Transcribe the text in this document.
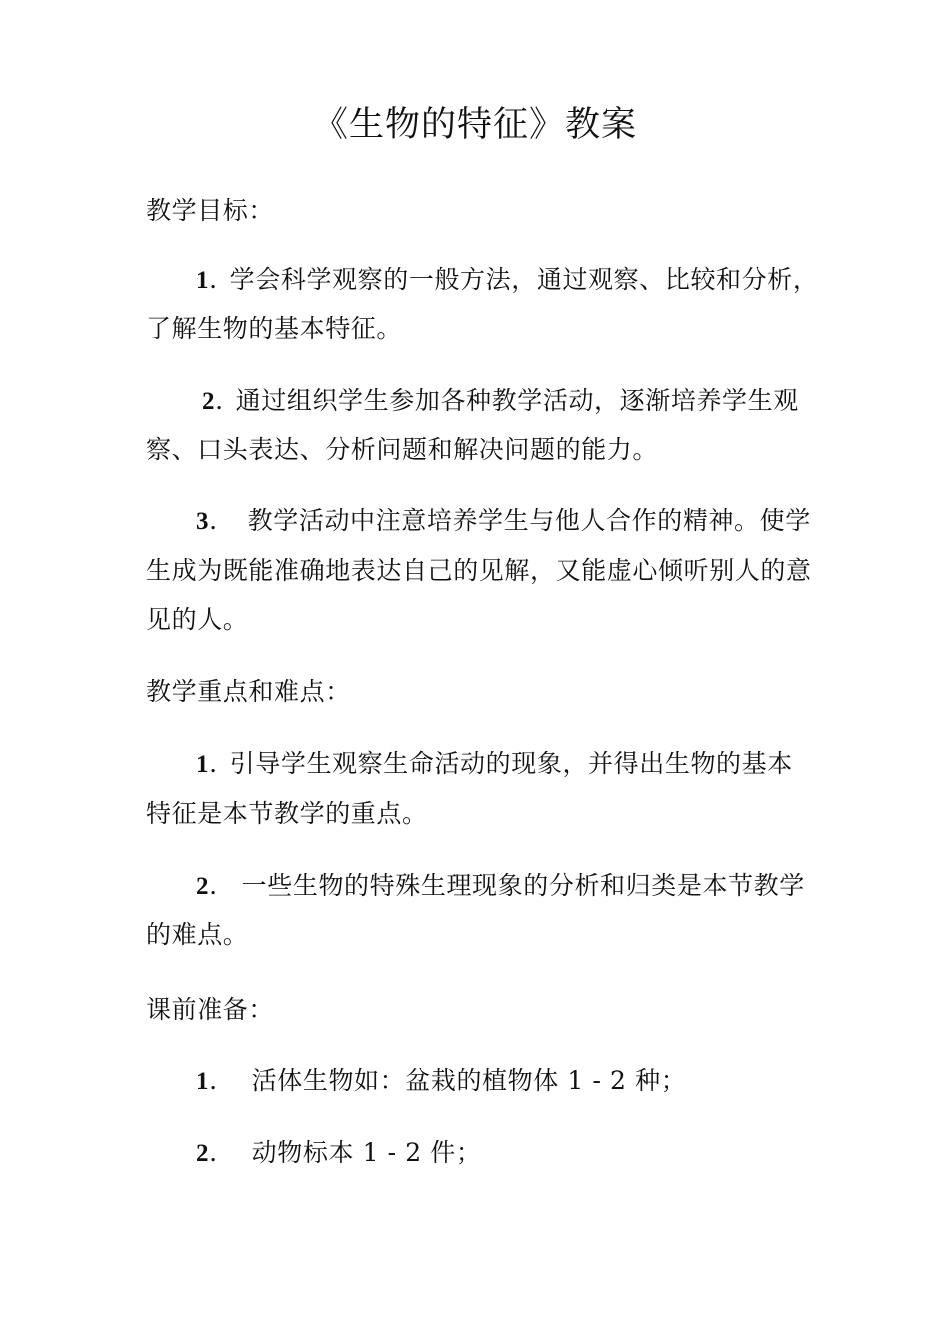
《生物的特征》教案
教学目标：
1. 学会科学观察的一般方法，通过观察、比较和分析，
了解生物的基本特征。
2. 通过组织学生参加各种教学活动，逐渐培养学生观
察、口头表达、分析问题和解决问题的能力。
3. 教学活动中注意培养学生与他人合作的精神。使学
生成为既能准确地表达自己的见解，又能虚心倾听别人的意
见的人。
教学重点和难点：
1. 引导学生观察生命活动的现象，并得出生物的基本
特征是本节教学的重点。
2. 一些生物的特殊生理现象的分析和归类是本节教学
的难点。
课前准备：
1. 活体生物如：盆栽的植物体 1 - 2 种；
2. 动物标本 1 - 2 件；
